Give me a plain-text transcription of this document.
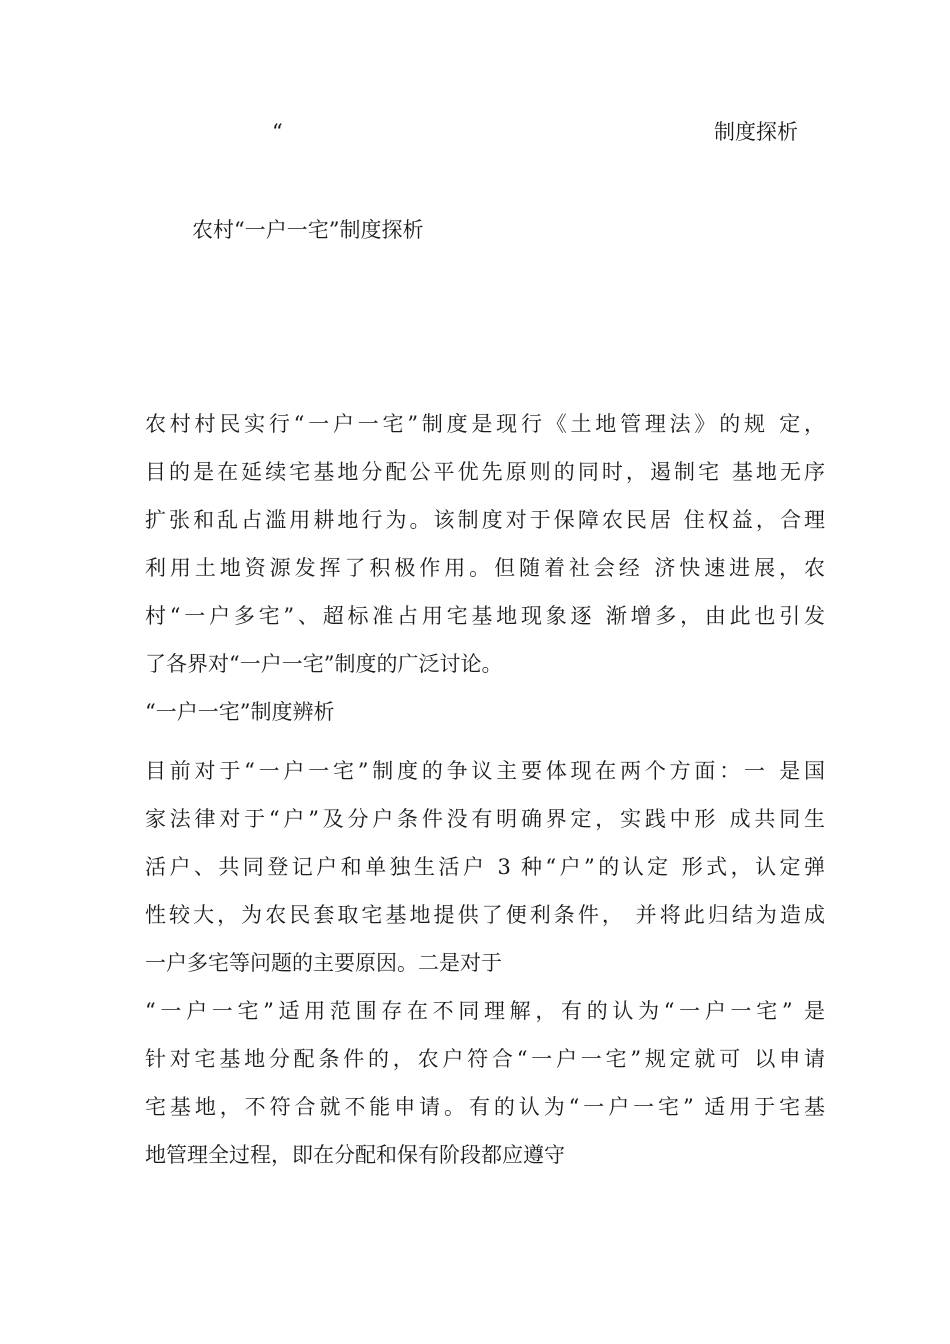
“	制度探析
农村“一户一宅”制度探析
农村村民实行“一户一宅”制度是现行《土地管理法》的规 定，
目的是在延续宅基地分配公平优先原则的同时，遏制宅 基地无序
扩张和乱占滥用耕地行为。该制度对于保障农民居 住权益，合理
利用土地资源发挥了积极作用。但随着社会经 济快速进展，农
村“一户多宅”、超标准占用宅基地现象逐 渐增多，由此也引发
了各界对“一户一宅”制度的广泛讨论。
“一户一宅”制度辨析
目前对于“一户一宅”制度的争议主要体现在两个方面：一 是国
家法律对于“户”及分户条件没有明确界定，实践中形 成共同生
活户、共同登记户和单独生活户 3 种“户”的认定 形式，认定弹
性较大，为农民套取宅基地提供了便利条件， 并将此归结为造成
一户多宅等问题的主要原因。二是对于
“一户一宅”适用范围存在不同理解，有的认为“一户一宅” 是
针对宅基地分配条件的，农户符合“一户一宅”规定就可 以申请
宅基地，不符合就不能申请。有的认为“一户一宅” 适用于宅基
地管理全过程，即在分配和保有阶段都应遵守
